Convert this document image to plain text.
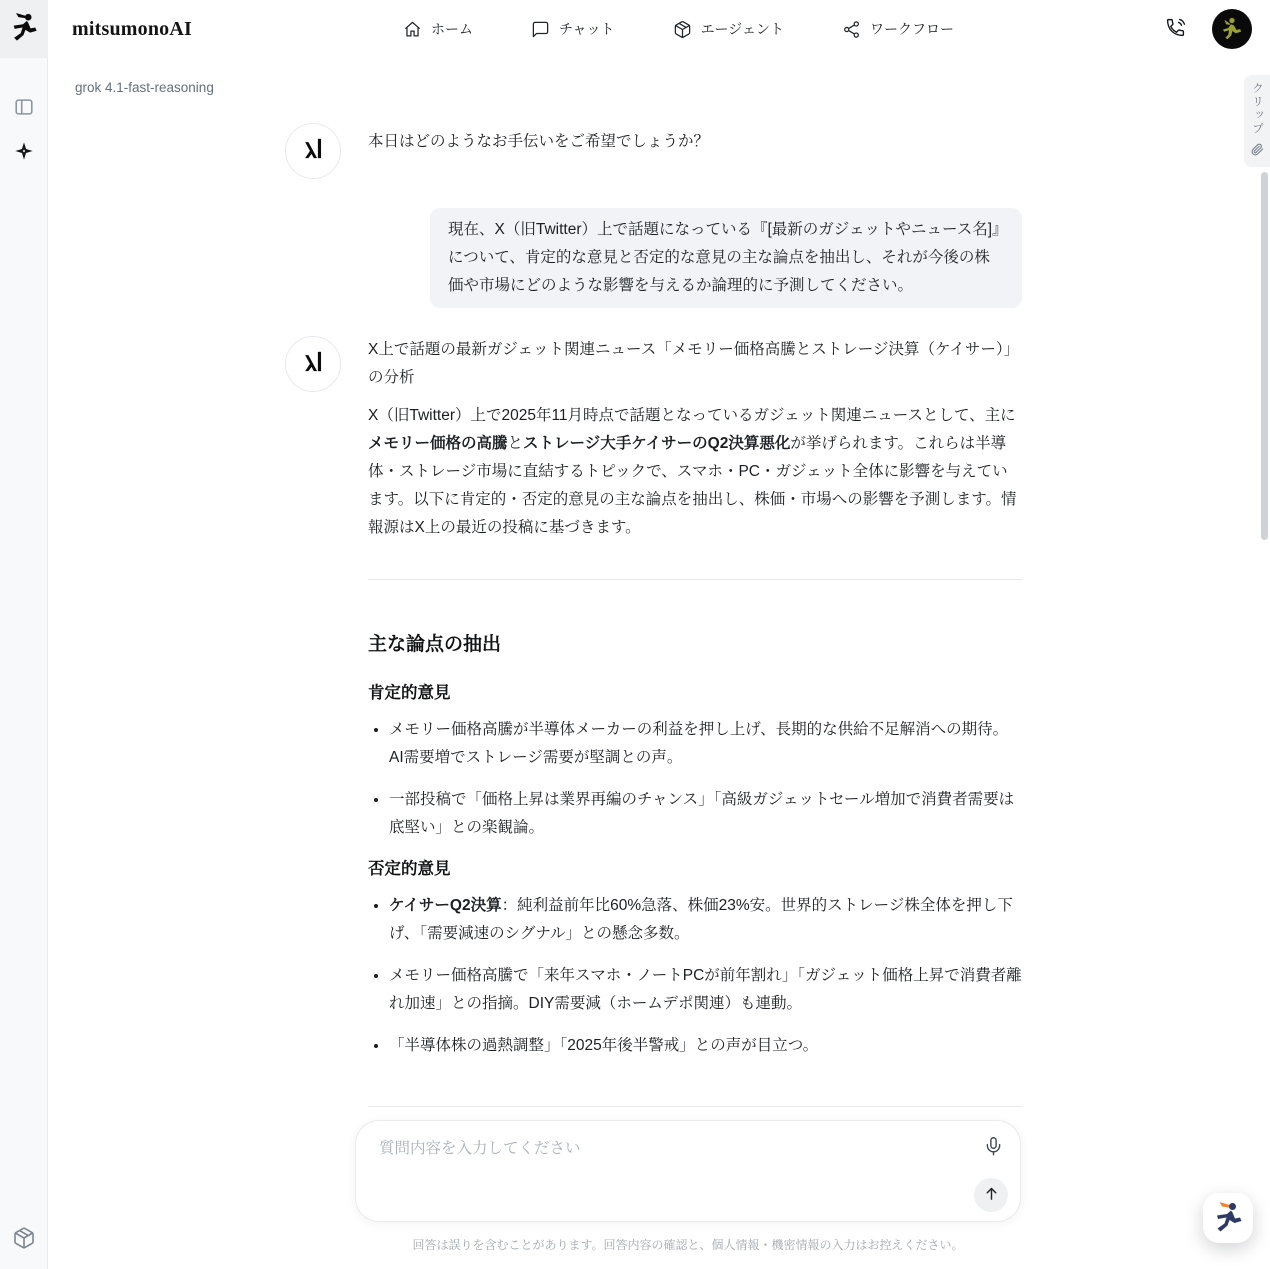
mitsumonoAI	ホーム	チャット	エージェント	ワークフロー
grok 4.1-fast-reasoning
本日はどのようなお手伝いをご希望でしょうか？
現在、X（旧Twitter）上で話題になっている『[最新のガジェットやニュース名]』について、肯定的な意見と否定的な意見の主な論点を抽出し、それが今後の株価や市場にどのような影響を与えるか論理的に予測してください。

X上で話題の最新ガジェット関連ニュース「メモリー価格高騰とストレージ決算（ケイサー）」の分析

X（旧Twitter）上で2025年11月時点で話題となっているガジェット関連ニュースとして、主にメモリー価格の高騰とストレージ大手ケイサーのQ2決算悪化が挙げられます。これらは半導体・ストレージ市場に直結するトピックで、スマホ・PC・ガジェット全体に影響を与えています。以下に肯定的・否定的意見の主な論点を抽出し、株価・市場への影響を予測します。情報源はX上の最近の投稿に基づきます。

主な論点の抽出
肯定的意見
• メモリー価格高騰が半導体メーカーの利益を押し上げ、長期的な供給不足解消への期待。AI需要増でストレージ需要が堅調との声。
• 一部投稿で「価格上昇は業界再編のチャンス」「高級ガジェットセール増加で消費者需要は底堅い」との楽観論。
否定的意見
• ケイサーQ2決算：純利益前年比60%急落、株価23%安。世界的ストレージ株全体を押し下げ、「需要減速のシグナル」との懸念多数。
• メモリー価格高騰で「来年スマホ・ノートPCが前年割れ」「ガジェット価格上昇で消費者離れ加速」との指摘。DIY需要減（ホームデポ関連）も連動。
• 「半導体株の過熱調整」「2025年後半警戒」との声が目立つ。
質問内容を入力してください
回答は誤りを含むことがあります。回答内容の確認と、個人情報・機密情報の入力はお控えください。
クリップ
